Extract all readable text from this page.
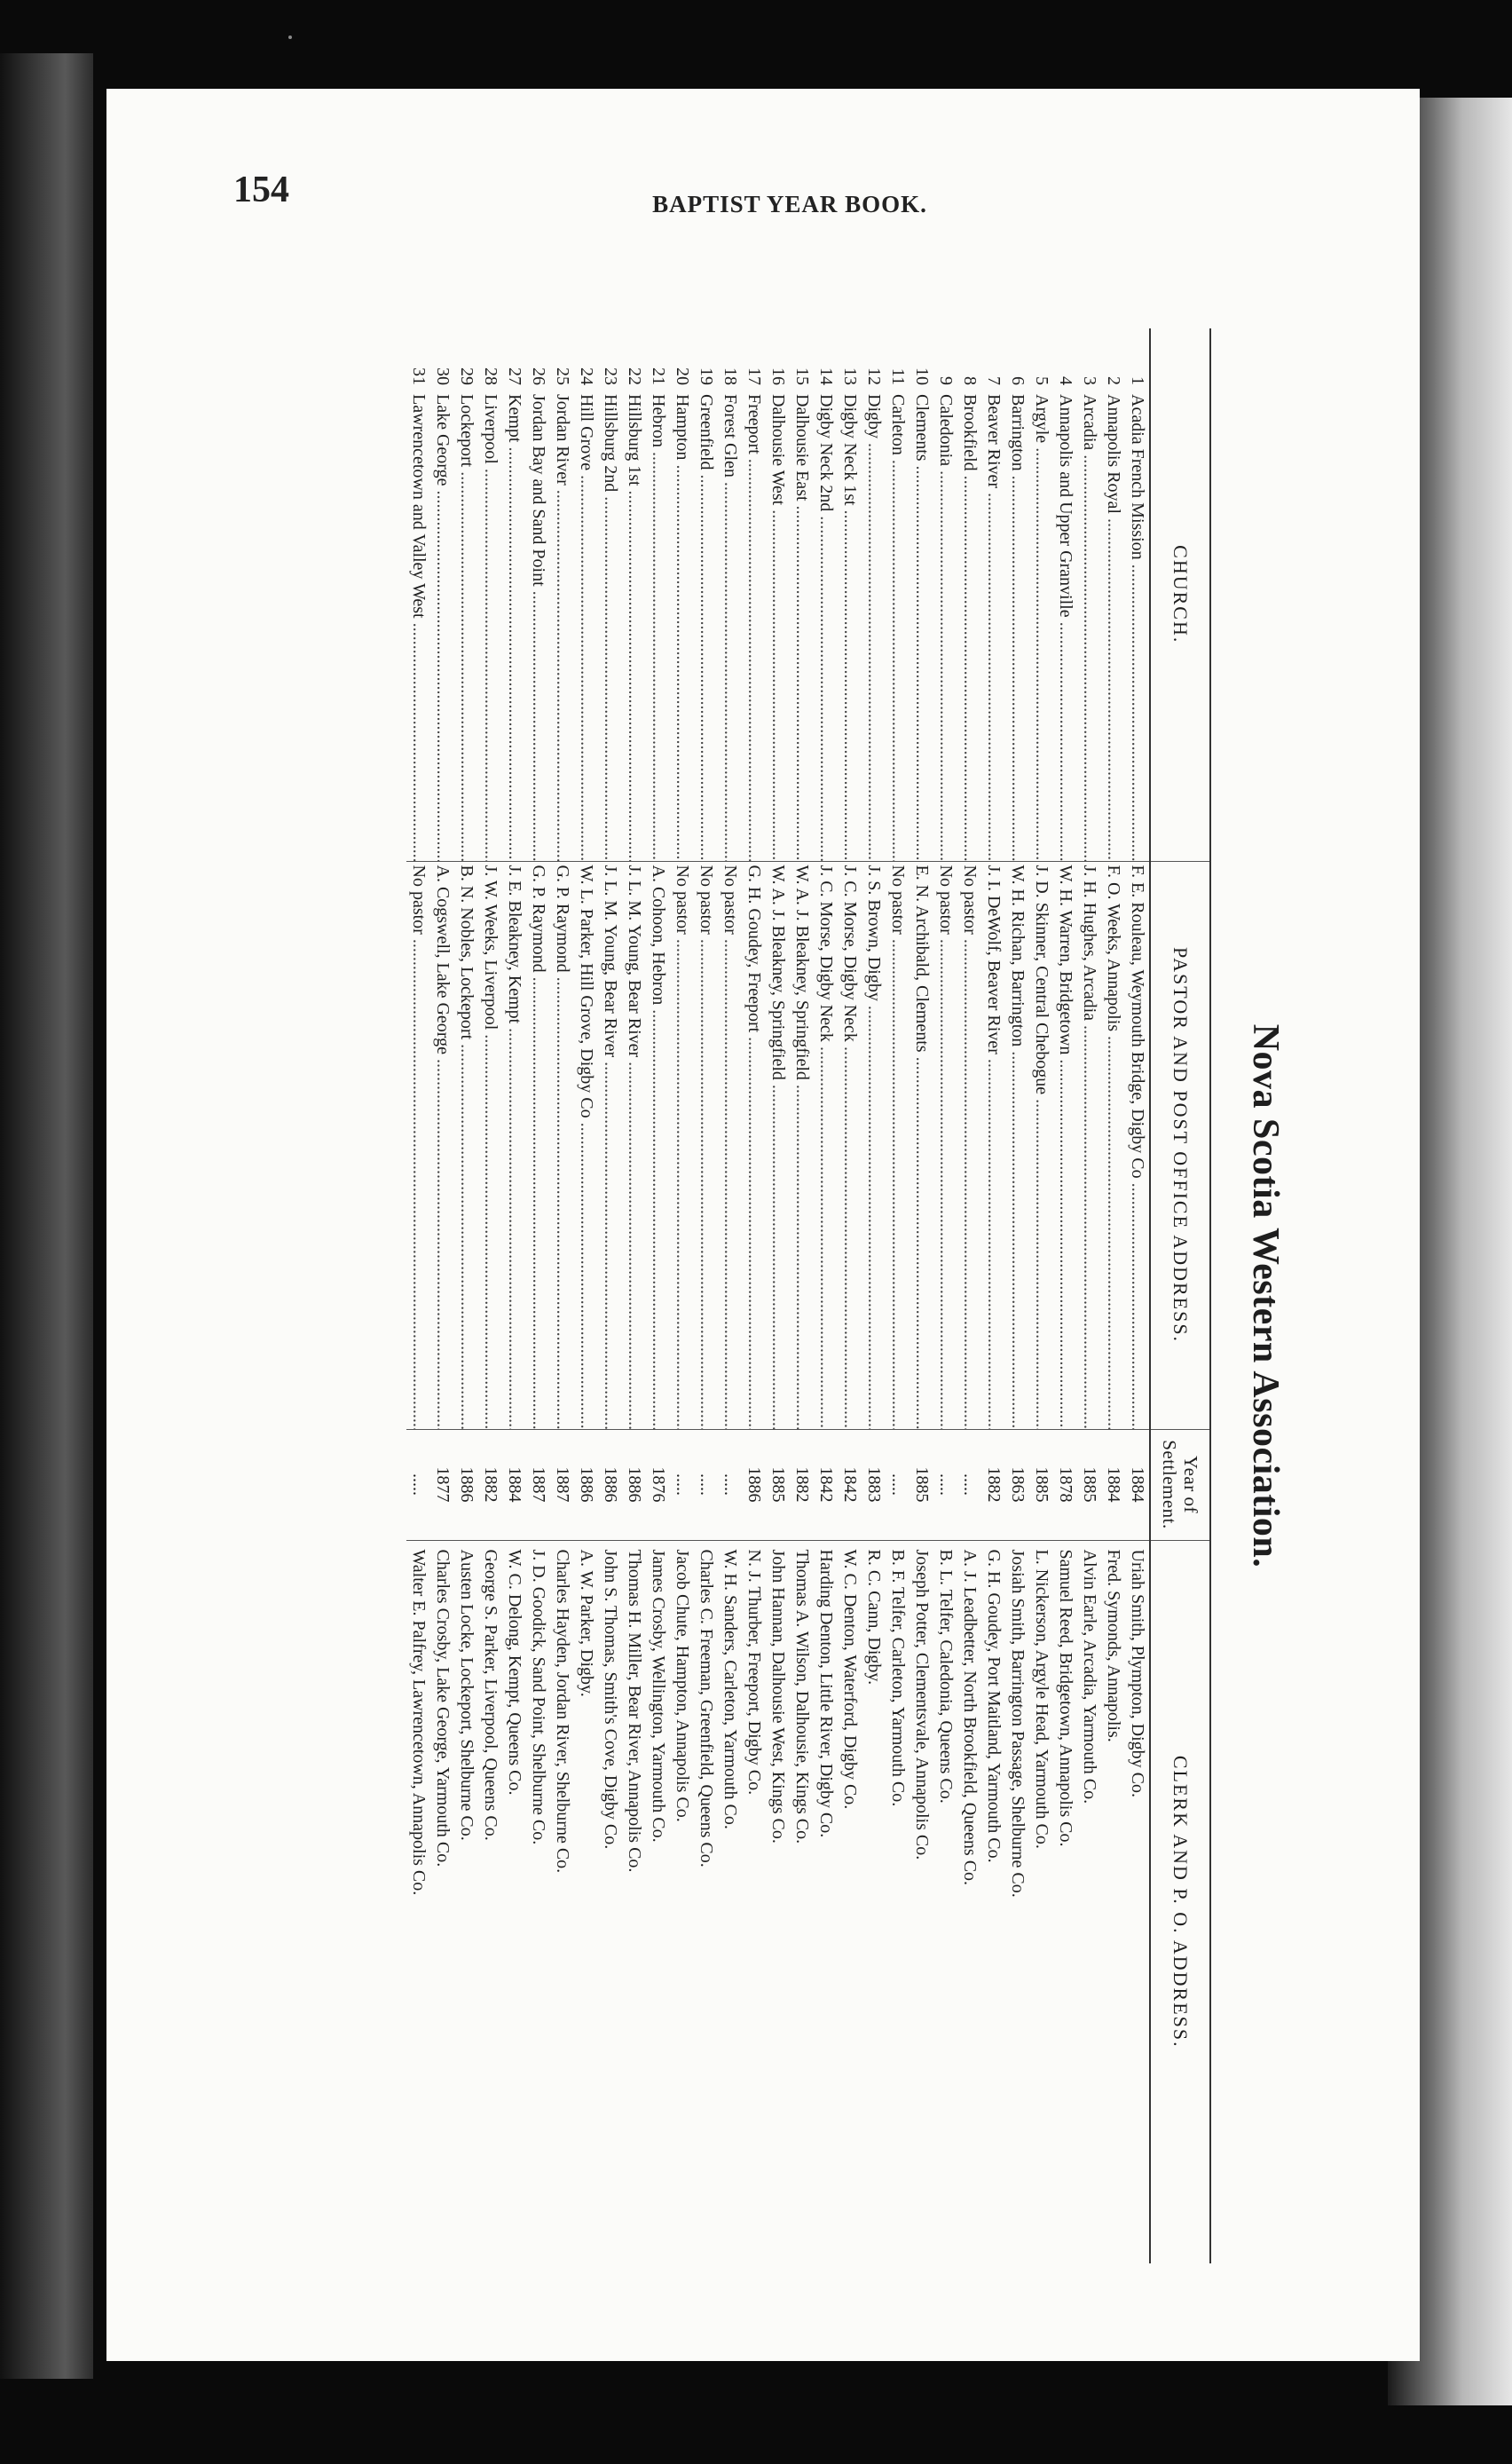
154	BAPTIST YEAR BOOK.
Nova Scotia Western Association.
CHURCH.		PASTOR AND POST OFFICE ADDRESS.	Year of
Settlement.	CLERK AND P. O. ADDRESS.
1	Acadia French Mission .....	F. E. Rouleau, Weymouth Bridge, Digby Co .....	1884	Uriah Smith, Plympton, Digby Co.
2	Annapolis Royal .....	F. O. Weeks, Annapolis .....	1884	Fred. Symonds, Annapolis.
3	Arcadia .....	J. H. Hughes, Arcadia .....	1885	Alvin Earle, Arcadia, Yarmouth Co.
4	Annapolis and Upper Granville .....	W. H. Warren, Bridgetown .....	1878	Samuel Reed, Bridgetown, Annapolis Co.
5	Argyle .....	J. D. Skinner, Central Chebogue .....	1885	L. Nickerson, Argyle Head, Yarmouth Co.
6	Barrington .....	W. H. Richan, Barrington .....	1863	Josiah Smith, Barrington Passage, Shelburne Co.
7	Beaver River .....	J. I. DeWolf, Beaver River .....	1882	G. H. Goudey, Port Maitland, Yarmouth Co.
8	Brookfield .....	No pastor .....	.....	A. J. Leadbetter, North Brookfield, Queens Co.
9	Caledonia .....	No pastor .....	.....	B. L. Telfer, Caledonia, Queens Co.
10	Clements .....	E. N. Archibald, Clements .....	1885	Joseph Potter, Clementsvale, Annapolis Co.
11	Carleton .....	No pastor .....	.....	B. F. Telfer, Carleton, Yarmouth Co.
12	Digby .....	J. S. Brown, Digby .....	1883	R. C. Cann, Digby.
13	Digby Neck 1st .....	J. C. Morse, Digby Neck .....	1842	W. C. Denton, Waterford, Digby Co.
14	Digby Neck 2nd .....	J. C. Morse, Digby Neck .....	1842	Harding Denton, Little River, Digby Co.
15	Dalhousie East .....	W. A. J. Bleakney, Springfield .....	1882	Thomas A. Wilson, Dalhousie, Kings Co.
16	Dalhousie West .....	W. A. J. Bleakney, Springfield .....	1885	John Hannan, Dalhousie West, Kings Co.
17	Freeport .....	G. H. Goudey, Freeport .....	1886	N. J. Thurber, Freeport, Digby Co.
18	Forest Glen .....	No pastor .....	.....	W. H. Sanders, Carleton, Yarmouth Co.
19	Greenfield .....	No pastor .....	.....	Charles C. Freeman, Greenfield, Queens Co.
20	Hampton .....	No pastor .....	.....	Jacob Chute, Hampton, Annapolis Co.
21	Hebron .....	A. Cohoon, Hebron .....	1876	James Crosby, Wellington, Yarmouth Co.
22	Hillsburg 1st .....	J. L. M. Young, Bear River .....	1886	Thomas H. Miller, Bear River, Annapolis Co.
23	Hillsburg 2nd .....	J. L. M. Young, Bear River .....	1886	John S. Thomas, Smith's Cove, Digby Co.
24	Hill Grove .....	W. L. Parker, Hill Grove, Digby Co .....	1886	A. W. Parker, Digby.
25	Jordan River .....	G. P. Raymond .....	1887	Charles Hayden, Jordan River, Shelburne Co.
26	Jordan Bay and Sand Point .....	G. P. Raymond .....	1887	J. D. Goodick, Sand Point, Shelburne Co.
27	Kempt .....	J. E. Bleakney, Kempt .....	1884	W. C. Delong, Kempt, Queens Co.
28	Liverpool .....	J. W. Weeks, Liverpool .....	1882	George S. Parker, Liverpool, Queens Co.
29	Lockeport .....	B. N. Nobles, Lockeport .....	1886	Austen Locke, Lockeport, Shelburne Co.
30	Lake George .....	A. Cogswell, Lake George .....	1877	Charles Crosby, Lake George, Yarmouth Co.
31	Lawrencetown and Valley West .....	No pastor .....	.....	Walter E. Palfrey, Lawrencetown, Annapolis Co.
